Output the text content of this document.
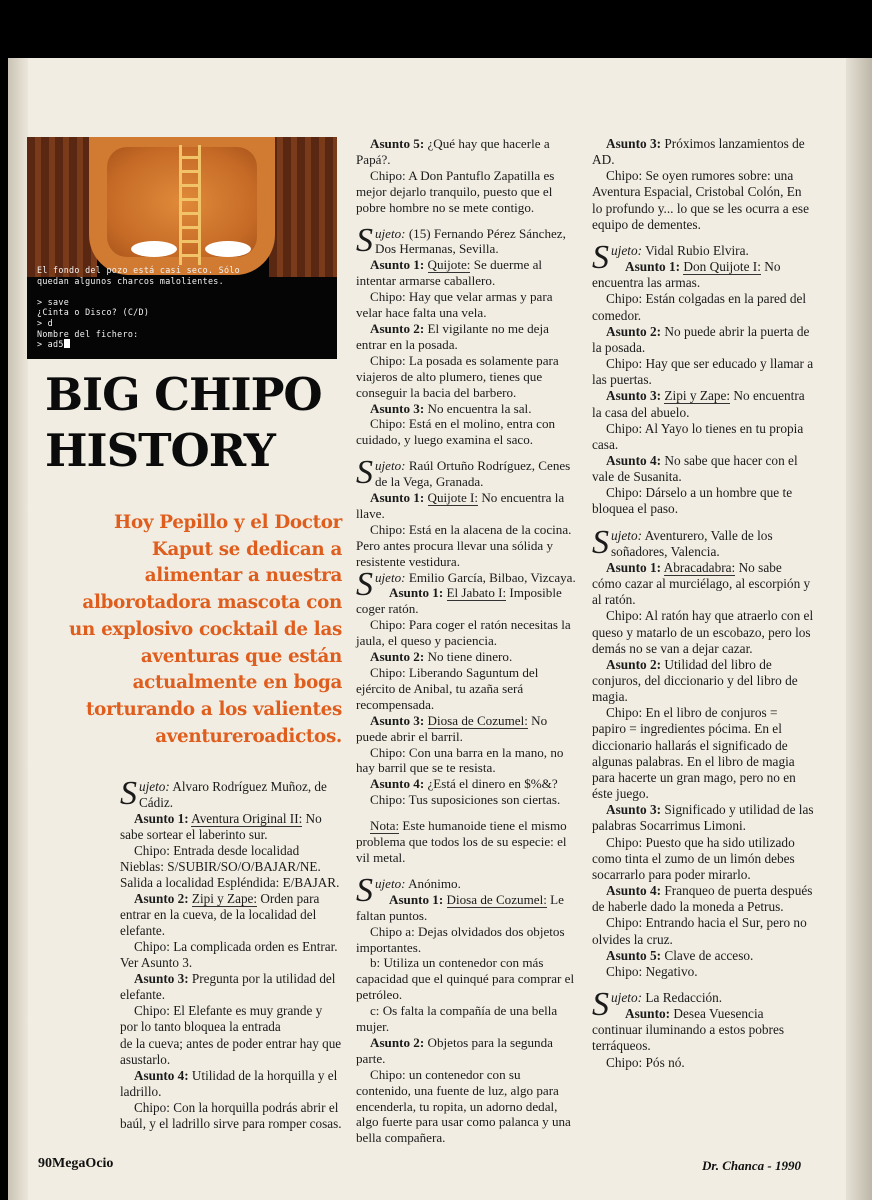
El fondo del pozo está casi seco. Sólo
quedan algunos charcos malolientes.

> save
¿Cinta o Disco? (C/D)
> d
Nombre del fichero:
> ad5
BIG CHIPO
HISTORY

Hoy Pepillo y el Doctor Kaput se dedican a alimentar a nuestra alborotadora mascota con un explosivo cocktail de las aventuras que están actualmente en boga torturando a los valientes aventureroadictos.

Sujeto: Alvaro Rodríguez Muñoz, de Cádiz.

Asunto 1: Aventura Original II: No sabe sortear el laberinto sur.

Chipo: Entrada desde localidad Nieblas: S/SUBIR/SO/O/BAJAR/NE. Salida a localidad Espléndida: E/BAJAR.

Asunto 2: Zipi y Zape: Orden para entrar en la cueva, de la localidad del elefante.

Chipo: La complicada orden es Entrar. Ver Asunto 3.

Asunto 3: Pregunta por la utilidad del elefante.

Chipo: El Elefante es muy grande y por lo tanto bloquea la entrada

de la cueva; antes de poder entrar hay que asustarlo.

Asunto 4: Utilidad de la horquilla y el ladrillo.

Chipo: Con la horquilla podrás abrir el baúl, y el ladrillo sirve para romper cosas.

Asunto 5: ¿Qué hay que hacerle a Papá?.

Chipo: A Don Pantuflo Zapatilla es mejor dejarlo tranquilo, puesto que el pobre hombre no se mete contigo.

Sujeto: (15) Fernando Pérez Sánchez, Dos Hermanas, Sevilla.

Asunto 1: Quijote: Se duerme al intentar armarse caballero.

Chipo: Hay que velar armas y para velar hace falta una vela.

Asunto 2: El vigilante no me deja entrar en la posada.

Chipo: La posada es solamente para viajeros de alto plumero, tienes que conseguir la bacia del barbero.

Asunto 3: No encuentra la sal.

Chipo: Está en el molino, entra con cuidado, y luego examina el saco.

Sujeto: Raúl Ortuño Rodríguez, Cenes de la Vega, Granada.

Asunto 1: Quijote I: No encuentra la llave.

Chipo: Está en la alacena de la cocina. Pero antes procura llevar una sólida y resistente vestidura.

Sujeto: Emilio García, Bilbao, Vizcaya.

Asunto 1: El Jabato I: Imposible coger ratón.

Chipo: Para coger el ratón necesitas la jaula, el queso y paciencia.

Asunto 2: No tiene dinero.

Chipo: Liberando Saguntum del ejército de Anibal, tu azaña será recompensada.

Asunto 3: Diosa de Cozumel: No puede abrir el barril.

Chipo: Con una barra en la mano, no hay barril que se te resista.

Asunto 4: ¿Está el dinero en $%&?

Chipo: Tus suposiciones son ciertas.

Nota: Este humanoide tiene el mismo problema que todos los de su especie: el vil metal.

Sujeto: Anónimo.

Asunto 1: Diosa de Cozumel: Le faltan puntos.

Chipo a: Dejas olvidados dos objetos importantes.

b: Utiliza un contenedor con más capacidad que el quinqué para comprar el petróleo.

c: Os falta la compañía de una bella mujer.

Asunto 2: Objetos para la segunda parte.

Chipo: un contenedor con su contenido, una fuente de luz, algo para encenderla, tu ropita, un adorno dedal, algo fuerte para usar como palanca y una bella compañera.

Asunto 3: Próximos lanzamientos de AD.

Chipo: Se oyen rumores sobre: una Aventura Espacial, Cristobal Colón, En lo profundo y... lo que se les ocurra a ese equipo de dementes.

Sujeto: Vidal Rubio Elvira.

Asunto 1: Don Quijote I: No encuentra las armas.

Chipo: Están colgadas en la pared del comedor.

Asunto 2: No puede abrir la puerta de la posada.

Chipo: Hay que ser educado y llamar a las puertas.

Asunto 3: Zipi y Zape: No encuentra la casa del abuelo.

Chipo: Al Yayo lo tienes en tu propia casa.

Asunto 4: No sabe que hacer con el vale de Susanita.

Chipo: Dárselo a un hombre que te bloquea el paso.

Sujeto: Aventurero, Valle de los soñadores, Valencia.

Asunto 1: Abracadabra: No sabe cómo cazar al murciélago, al escorpión y al ratón.

Chipo: Al ratón hay que atraerlo con el queso y matarlo de un escobazo, pero los demás no se van a dejar cazar.

Asunto 2: Utilidad del libro de conjuros, del diccionario y del libro de magia.

Chipo: En el libro de conjuros = papiro = ingredientes pócima. En el diccionario hallarás el significado de algunas palabras. En el libro de magia para hacerte un gran mago, pero no en éste juego.

Asunto 3: Significado y utilidad de las palabras Socarrimus Limoni.

Chipo: Puesto que ha sido utilizado como tinta el zumo de un limón debes socarrarlo para poder mirarlo.

Asunto 4: Franqueo de puerta después de haberle dado la moneda a Petrus.

Chipo: Entrando hacia el Sur, pero no olvides la cruz.

Asunto 5: Clave de acceso.

Chipo: Negativo.

Sujeto: La Redacción.

Asunto: Desea Vuesencia continuar iluminando a estos pobres terráqueos.

Chipo: Pós nó.

90MegaOcio	Dr. Chanca - 1990
